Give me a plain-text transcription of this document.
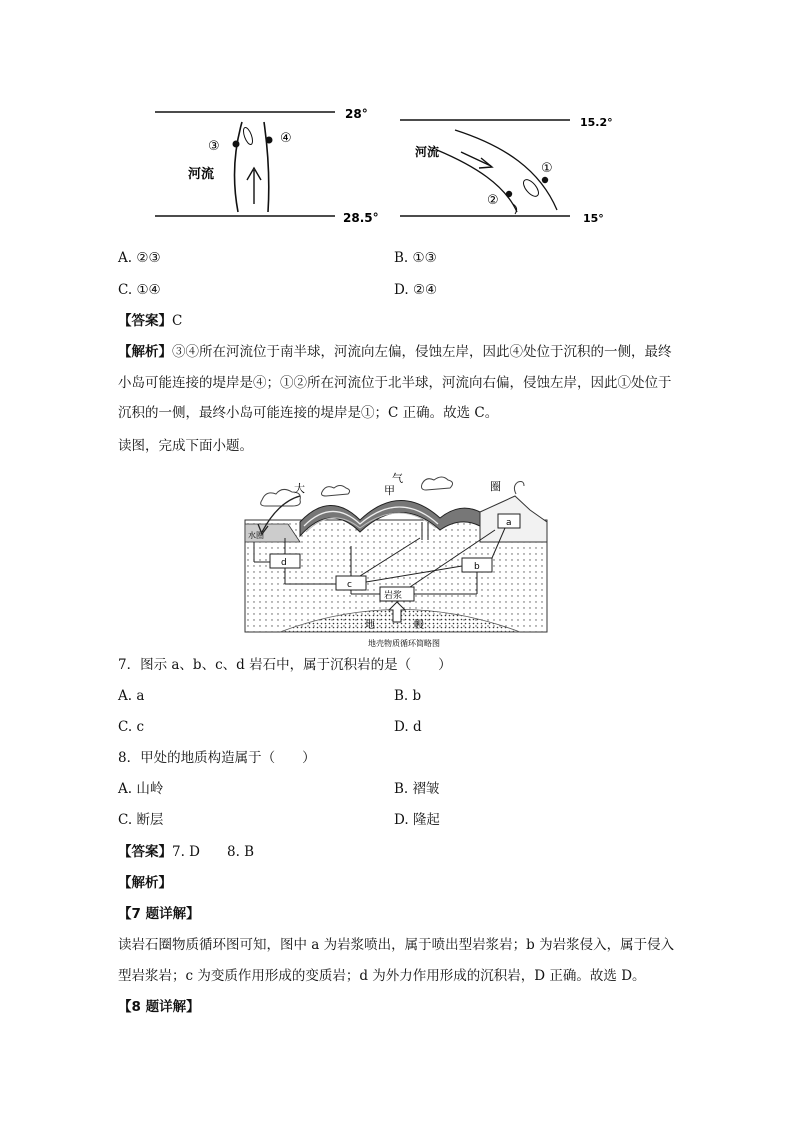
28°
28.5°
③
④
河流
15.2°
15°
①
②
河流
A. ②③	B. ①③
C. ①④	D. ②④
【答案】C
【解析】③④所在河流位于南半球，河流向左偏，侵蚀左岸，因此④处位于沉积的一侧，最终小岛可能连接的堤岸是④；①②所在河流位于北半球，河流向右偏，侵蚀左岸，因此①处位于沉积的一侧，最终小岛可能连接的堤岸是①；C 正确。故选 C。
读图，完成下面小题。
水圈
大
气
圈
甲
a
b
c
d
岩浆
地	幔
地壳物质循环简略图
7．图示 a、b、c、d 岩石中，属于沉积岩的是（　　）
A. a	B. b
C. c	D. d
8．甲处的地质构造属于（　　）
A. 山岭	B. 褶皱
C. 断层	D. 隆起
【答案】7. D　　8. B
【解析】
【7 题详解】
读岩石圈物质循环图可知，图中 a 为岩浆喷出，属于喷出型岩浆岩；b 为岩浆侵入，属于侵入型岩浆岩；c 为变质作用形成的变质岩；d 为外力作用形成的沉积岩，D 正确。故选 D。
【8 题详解】
